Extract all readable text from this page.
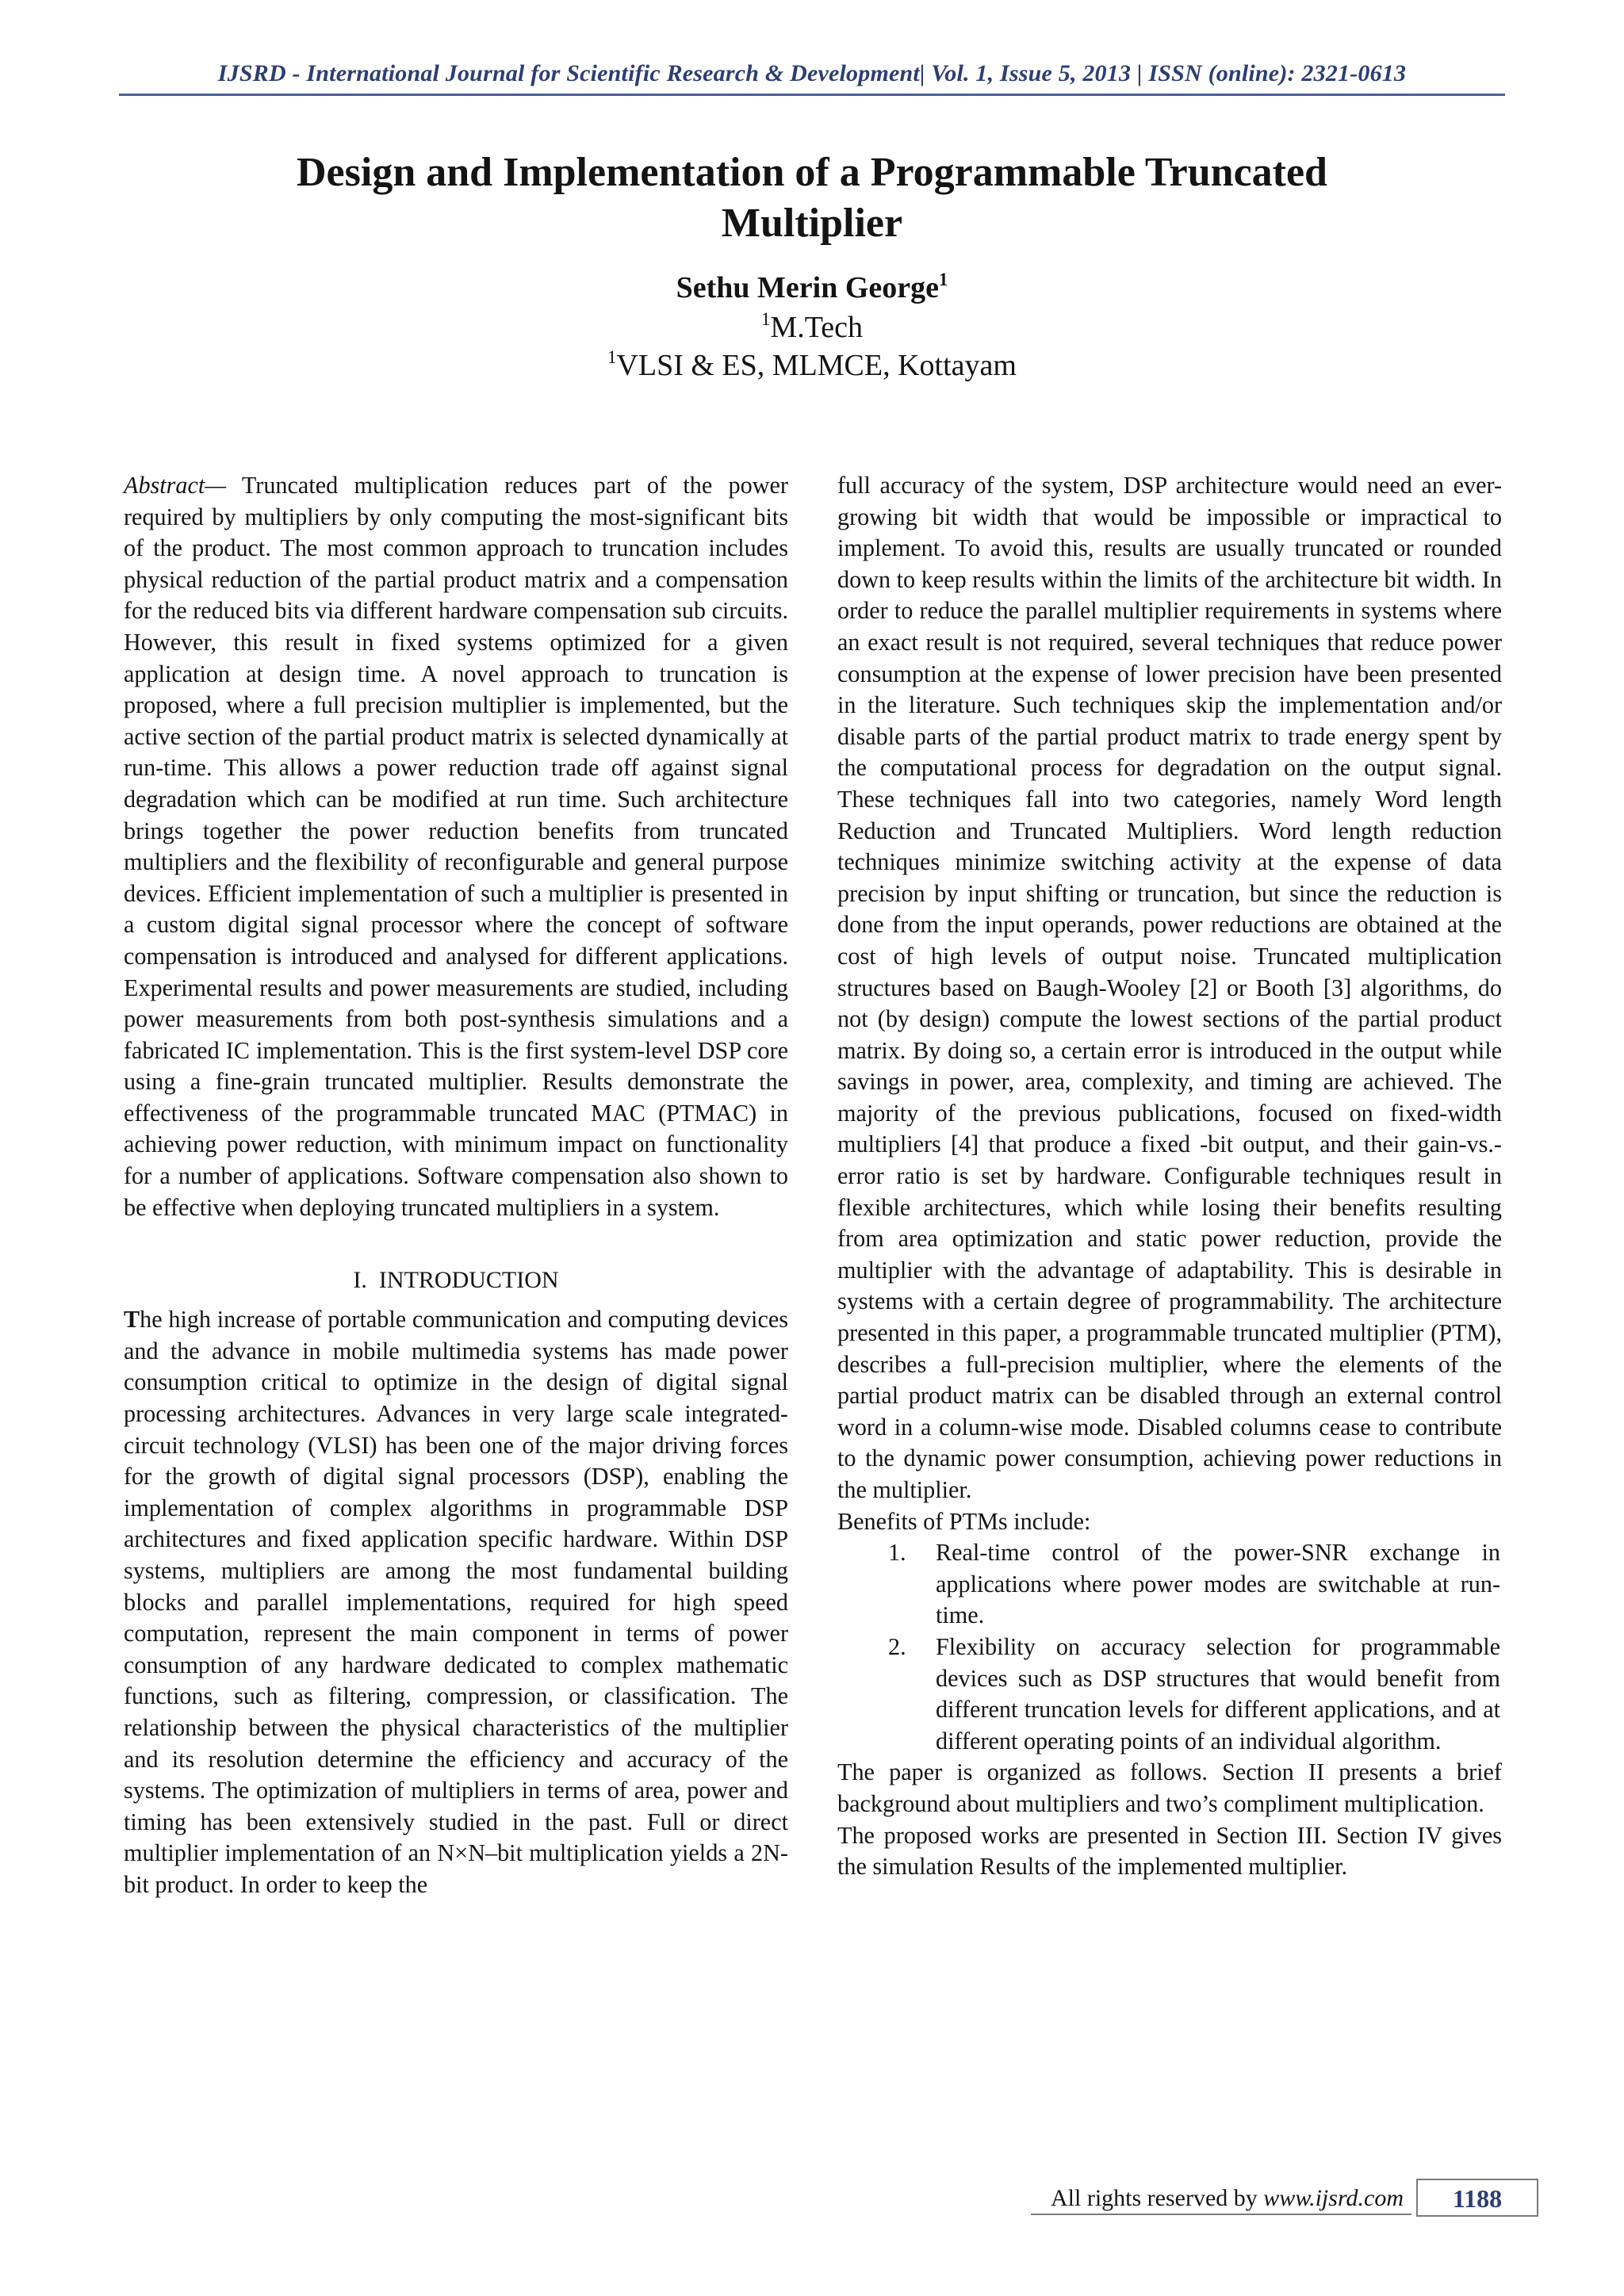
IJSRD - International Journal for Scientific Research & Development| Vol. 1, Issue 5, 2013 | ISSN (online): 2321-0613
Design and Implementation of a Programmable Truncated
Multiplier
Sethu Merin George$^1$
$^1$M.Tech
$^1$VLSI & ES, MLMCE, Kottayam

Abstract— Truncated multiplication reduces part of the power required by multipliers by only computing the most-significant bits of the product. The most common approach to truncation includes physical reduction of the partial product matrix and a compensation for the reduced bits via different hardware compensation sub circuits. However, this result in fixed systems optimized for a given application at design time. A novel approach to truncation is proposed, where a full precision multiplier is implemented, but the active section of the partial product matrix is selected dynamically at run-time. This allows a power reduction trade off against signal degradation which can be modified at run time. Such architecture brings together the power reduction benefits from truncated multipliers and the flexibility of reconfigurable and general purpose devices. Efficient implementation of such a multiplier is presented in a custom digital signal processor where the concept of software compensation is introduced and analysed for different applications. Experimental results and power measurements are studied, including power measurements from both post-synthesis simulations and a fabricated IC implementation. This is the first system-level DSP core using a fine-grain truncated multiplier. Results demonstrate the effectiveness of the programmable truncated MAC (PTMAC) in achieving power reduction, with minimum impact on functionality for a number of applications. Software compensation also shown to be effective when deploying truncated multipliers in a system.

I. INTRODUCTION

The high increase of portable communication and computing devices and the advance in mobile multimedia systems has made power consumption critical to optimize in the design of digital signal processing architectures. Advances in very large scale integrated-circuit technology (VLSI) has been one of the major driving forces for the growth of digital signal processors (DSP), enabling the implementation of complex algorithms in programmable DSP architectures and fixed application specific hardware. Within DSP systems, multipliers are among the most fundamental building blocks and parallel implementations, required for high speed computation, represent the main component in terms of power consumption of any hardware dedicated to complex mathematic functions, such as filtering, compression, or classification. The relationship between the physical characteristics of the multiplier and its resolution determine the efficiency and accuracy of the systems. The optimization of multipliers in terms of area, power and timing has been extensively studied in the past. Full or direct multiplier implementation of an N×N–bit multiplication yields a 2N-bit product. In order to keep the

full accuracy of the system, DSP architecture would need an ever-growing bit width that would be impossible or impractical to implement. To avoid this, results are usually truncated or rounded down to keep results within the limits of the architecture bit width. In order to reduce the parallel multiplier requirements in systems where an exact result is not required, several techniques that reduce power consumption at the expense of lower precision have been presented in the literature. Such techniques skip the implementation and/or disable parts of the partial product matrix to trade energy spent by the computational process for degradation on the output signal. These techniques fall into two categories, namely Word length Reduction and Truncated Multipliers. Word length reduction techniques minimize switching activity at the expense of data precision by input shifting or truncation, but since the reduction is done from the input operands, power reductions are obtained at the cost of high levels of output noise. Truncated multiplication structures based on Baugh-Wooley [2] or Booth [3] algorithms, do not (by design) compute the lowest sections of the partial product matrix. By doing so, a certain error is introduced in the output while savings in power, area, complexity, and timing are achieved. The majority of the previous publications, focused on fixed-width multipliers [4] that produce a fixed -bit output, and their gain-vs.-error ratio is set by hardware. Configurable techniques result in flexible architectures, which while losing their benefits resulting from area optimization and static power reduction, provide the multiplier with the advantage of adaptability. This is desirable in systems with a certain degree of programmability. The architecture presented in this paper, a programmable truncated multiplier (PTM), describes a full-precision multiplier, where the elements of the partial product matrix can be disabled through an external control word in a column-wise mode. Disabled columns cease to contribute to the dynamic power consumption, achieving power reductions in the multiplier.

Benefits of PTMs include:

1. Real-time control of the power-SNR exchange in applications where power modes are switchable at run-time.
2. Flexibility on accuracy selection for programmable devices such as DSP structures that would benefit from different truncation levels for different applications, and at different operating points of an individual algorithm.

The paper is organized as follows. Section II presents a brief background about multipliers and two’s compliment multiplication.

The proposed works are presented in Section III. Section IV gives the simulation Results of the implemented multiplier.

All rights reserved by www.ijsrd.com	1188
